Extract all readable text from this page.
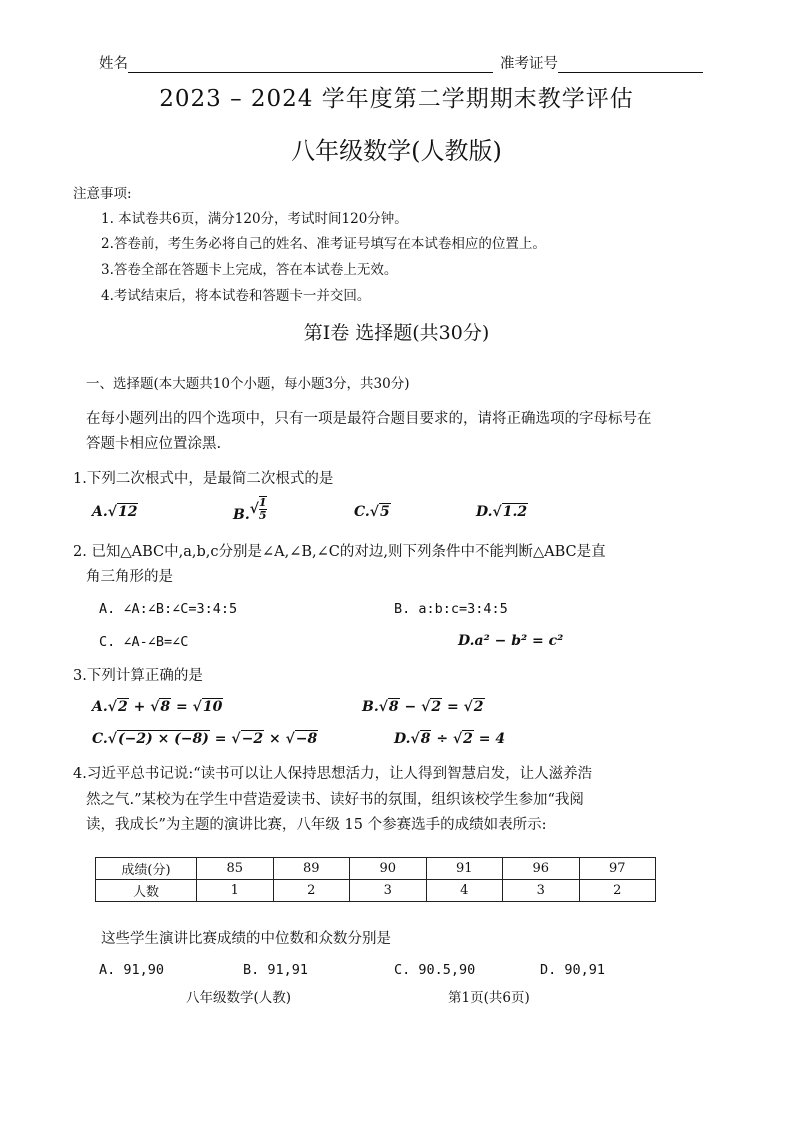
姓名	准考证号
2023 – 2024 学年度第二学期期末教学评估
八年级数学(人教版)
注意事项:
1. 本试卷共6页，满分120分，考试时间120分钟。
2.答卷前，考生务必将自己的姓名、准考证号填写在本试卷相应的位置上。
3.答卷全部在答题卡上完成，答在本试卷上无效。
4.考试结束后，将本试卷和答题卡一并交回。
第Ⅰ卷 选择题(共30分)
一、选择题(本大题共10个小题，每小题3分，共30分)
在每小题列出的四个选项中，只有一项是最符合题目要求的，请将正确选项的字母标号在
答题卡相应位置涂黑.
1.下列二次根式中，是最简二次根式的是
A.√12	$B.√ \frac{1}{5}$	C.√5	D.√1.2
2. 已知△ABC中,a,b,c分别是∠A,∠B,∠C的对边,则下列条件中不能判断△ABC是直
角三角形的是
A. ∠A:∠B:∠C=3:4:5	B. a:b:c=3:4:5
C. ∠A-∠B=∠C	D.a² − b² = c²
3.下列计算正确的是
A.√2 + √8 = √10	B.√8 − √2 = √2
C.√(−2) × (−8) = √−2 × √−8	D.√8 ÷ √2 = 4
4.习近平总书记说:“读书可以让人保持思想活力，让人得到智慧启发，让人滋养浩
然之气.”某校为在学生中营造爱读书、读好书的氛围，组织该校学生参加“我阅
读，我成长”为主题的演讲比赛，八年级 15 个参赛选手的成绩如表所示:
成绩(分)	85	89	90	91	96	97
人数	1	2	3	4	3	2
这些学生演讲比赛成绩的中位数和众数分别是
A. 91,90	B. 91,91	C. 90.5,90	D. 90,91
八年级数学(人教)	第1页(共6页)
